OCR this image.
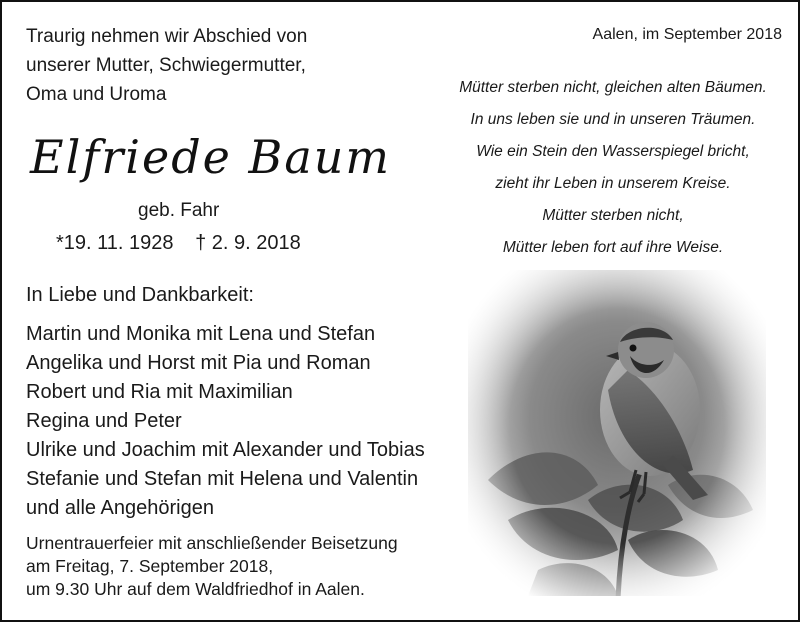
Traurig nehmen wir Abschied von
unserer Mutter, Schwiegermutter,
Oma und Uroma
Elfriede Baum
geb. Fahr
*19. 11. 1928 † 2. 9. 2018
Aalen, im September 2018
Mütter sterben nicht, gleichen alten Bäumen.
In uns leben sie und in unseren Träumen.
Wie ein Stein den Wasserspiegel bricht,
zieht ihr Leben in unserem Kreise.
Mütter sterben nicht,
Mütter leben fort auf ihre Weise.
In Liebe und Dankbarkeit:
Martin und Monika mit Lena und Stefan
Angelika und Horst mit Pia und Roman
Robert und Ria mit Maximilian
Regina und Peter
Ulrike und Joachim mit Alexander und Tobias
Stefanie und Stefan mit Helena und Valentin
und alle Angehörigen
Urnentrauerfeier mit anschließender Beisetzung
am Freitag, 7. September 2018,
um 9.30 Uhr auf dem Waldfriedhof in Aalen.
